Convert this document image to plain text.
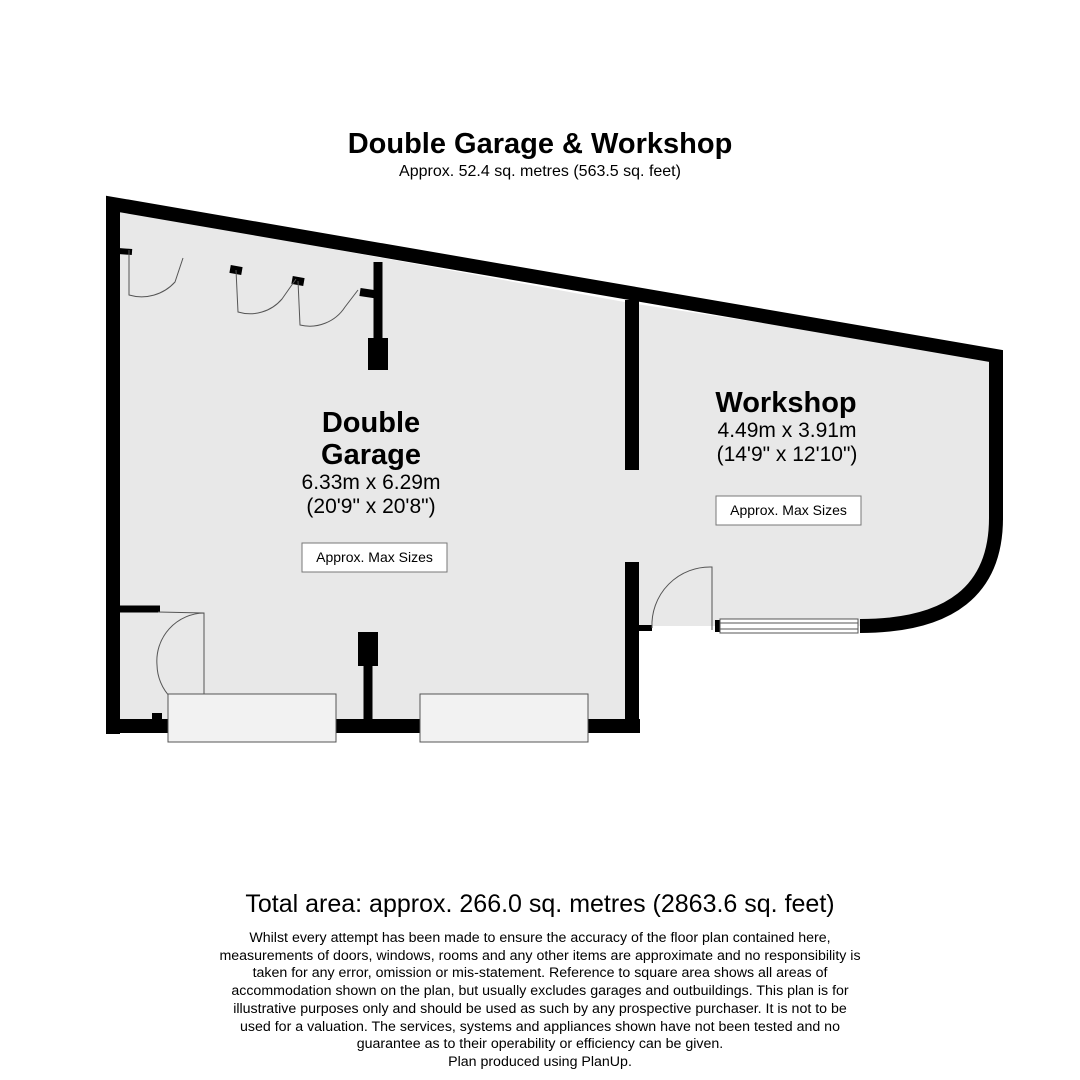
Double Garage & Workshop
Approx. 52.4 sq. metres (563.5 sq. feet)
Double
Garage
6.33m x 6.29m
(20'9" x 20'8")
Approx. Max Sizes
Workshop
4.49m x 3.91m
(14'9" x 12'10")
Approx. Max Sizes
Total area: approx. 266.0 sq. metres (2863.6 sq. feet)
Whilst every attempt has been made to ensure the accuracy of the floor plan contained here,
measurements of doors, windows, rooms and any other items are approximate and no responsibility is
taken for any error, omission or mis-statement. Reference to square area shows all areas of
accommodation shown on the plan, but usually excludes garages and outbuildings. This plan is for
illustrative purposes only and should be used as such by any prospective purchaser. It is not to be
used for a valuation. The services, systems and appliances shown have not been tested and no
guarantee as to their operability or efficiency can be given.
Plan produced using PlanUp.
